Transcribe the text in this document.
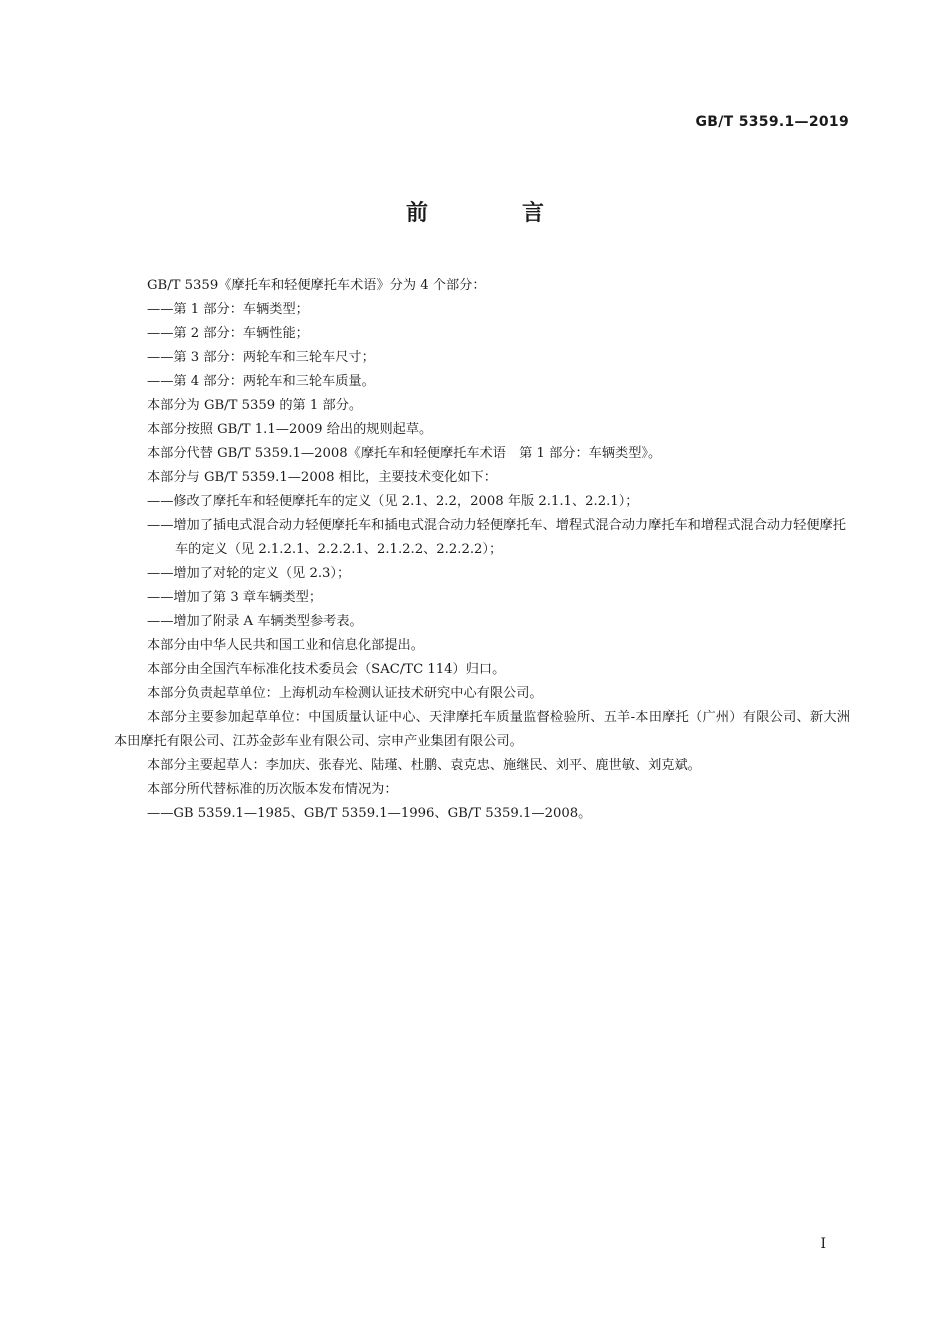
GB/T 5359.1—2019
前　言

GB/T 5359《摩托车和轻便摩托车术语》分为 4 个部分：

——第 1 部分：车辆类型；

——第 2 部分：车辆性能；

——第 3 部分：两轮车和三轮车尺寸；

——第 4 部分：两轮车和三轮车质量。

本部分为 GB/T 5359 的第 1 部分。

本部分按照 GB/T 1.1—2009 给出的规则起草。

本部分代替 GB/T 5359.1—2008《摩托车和轻便摩托车术语　第 1 部分：车辆类型》。

本部分与 GB/T 5359.1—2008 相比，主要技术变化如下：

——修改了摩托车和轻便摩托车的定义（见 2.1、2.2，2008 年版 2.1.1、2.2.1）；

——增加了插电式混合动力轻便摩托车和插电式混合动力轻便摩托车、增程式混合动力摩托车和增程式混合动力轻便摩托车的定义（见 2.1.2.1、2.2.2.1、2.1.2.2、2.2.2.2）；

——增加了对轮的定义（见 2.3）；

——增加了第 3 章车辆类型；

——增加了附录 A 车辆类型参考表。

本部分由中华人民共和国工业和信息化部提出。

本部分由全国汽车标准化技术委员会（SAC/TC 114）归口。

本部分负责起草单位：上海机动车检测认证技术研究中心有限公司。

本部分主要参加起草单位：中国质量认证中心、天津摩托车质量监督检验所、五羊-本田摩托（广州）有限公司、新大洲本田摩托有限公司、江苏金彭车业有限公司、宗申产业集团有限公司。

本部分主要起草人：李加庆、张春光、陆瑾、杜鹏、袁克忠、施继民、刘平、鹿世敏、刘克斌。

本部分所代替标准的历次版本发布情况为：

——GB 5359.1—1985、GB/T 5359.1—1996、GB/T 5359.1—2008。

I
